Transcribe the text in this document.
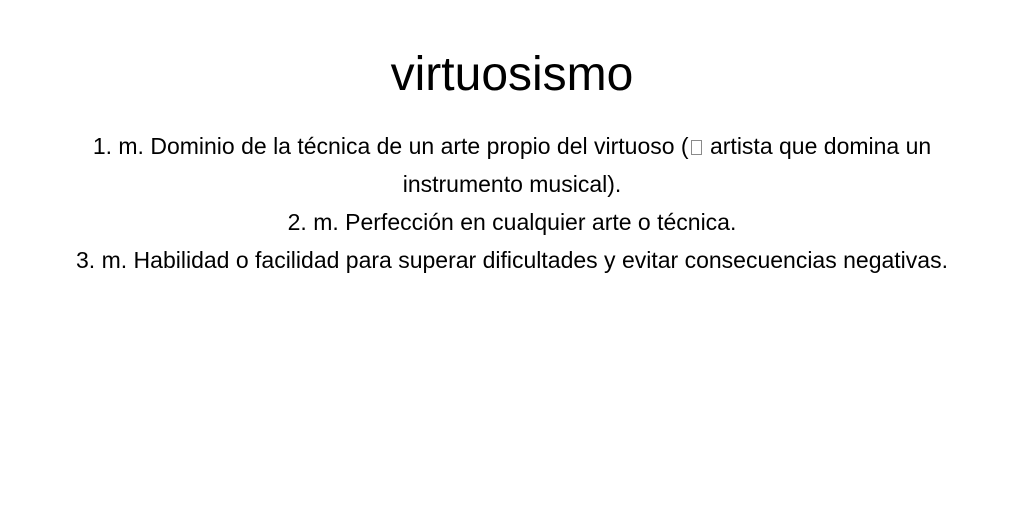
virtuosismo
1. m. Dominio de la técnica de un arte propio del virtuoso ( artista que domina un instrumento musical).
2. m. Perfección en cualquier arte o técnica.
3. m. Habilidad o facilidad para superar dificultades y evitar consecuencias negativas.
